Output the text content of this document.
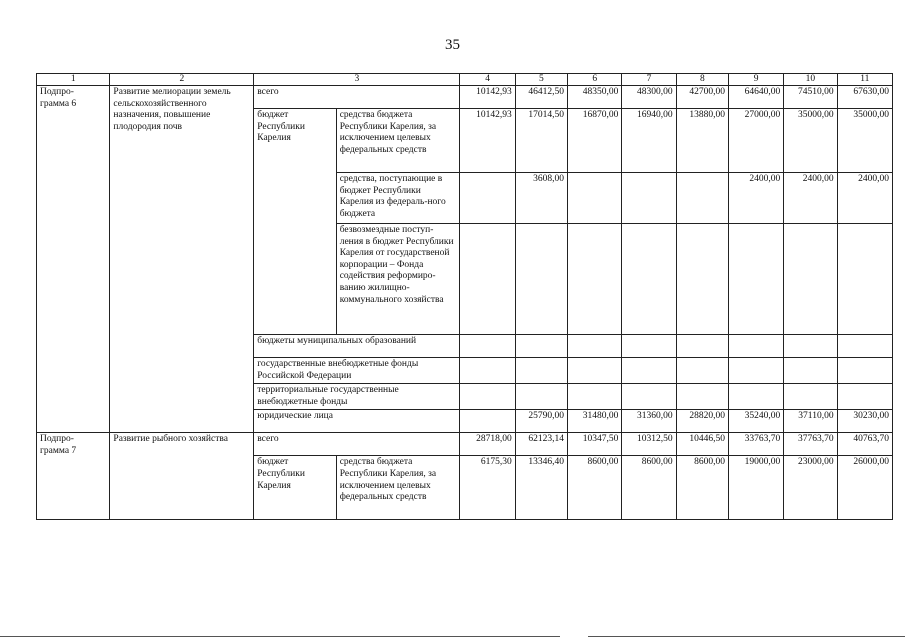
35
1	2	3		4	5	6	7	8	9	10	11
Подпро-
грамма 6	Развитие мелиорации земель сельскохозяйственного назначения, повышение плодородия почв	всего		10142,93	46412,50	48350,00	48300,00	42700,00	64640,00	74510,00	67630,00
		бюджет Республики Карелия	средства бюджета Республики Карелия, за исключением целевых федеральных средств	10142,93	17014,50	16870,00	16940,00	13880,00	27000,00	35000,00	35000,00
			средства, поступающие в бюджет Республики Карелия из федераль-ного бюджета		3608,00				2400,00	2400,00	2400,00
			безвозмездные поступ-ления в бюджет Республики Карелия от государственой корпорации – Фонда содействия реформиро-ванию жилищно-коммунального хозяйства								
		бюджеты муниципальных образований									
		государственные внебюджетные фонды Российской Федерации									
		территориальные государственные внебюджетные фонды									
		юридические лица			25790,00	31480,00	31360,00	28820,00	35240,00	37110,00	30230,00
Подпро-
грамма 7	Развитие рыбного хозяйства	всего		28718,00	62123,14	10347,50	10312,50	10446,50	33763,70	37763,70	40763,70
		бюджет Республики Карелия	средства бюджета Республики Карелия, за исключением целевых федеральных средств	6175,30	13346,40	8600,00	8600,00	8600,00	19000,00	23000,00	26000,00
